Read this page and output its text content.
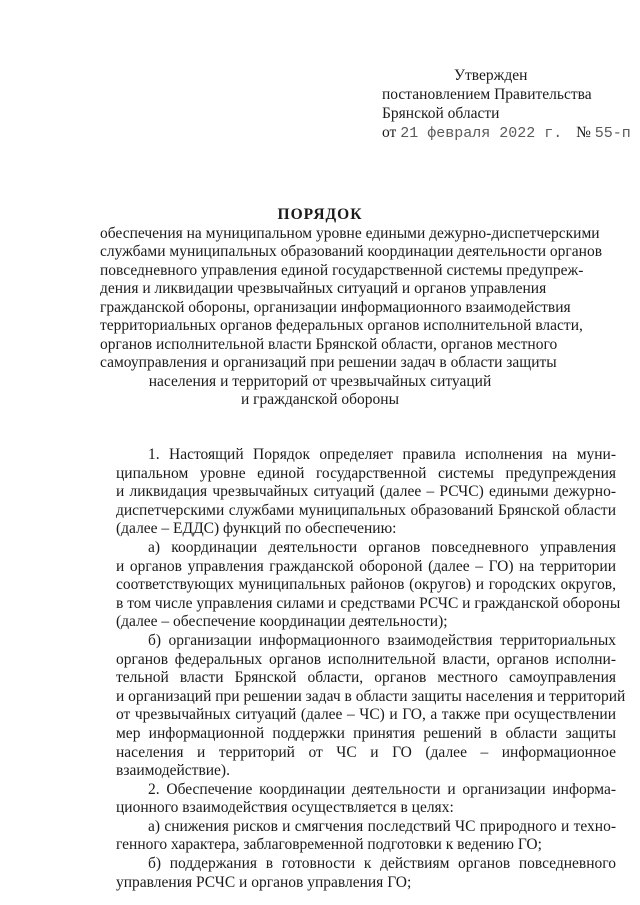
Утвержден
постановлением Правительства
Брянской области
от 21 февраля 2022 г. № 55-п
ПОРЯДОК
обеспечения на муниципальном уровне едиными дежурно-диспетчерскими
службами муниципальных образований координации деятельности органов
повседневного управления единой государственной системы предупреж-
дения и ликвидации чрезвычайных ситуаций и органов управления
гражданской обороны, организации информационного взаимодействия
территориальных органов федеральных органов исполнительной власти,
органов исполнительной власти Брянской области, органов местного
самоуправления и организаций при решении задач в области защиты
населения и территорий от чрезвычайных ситуаций
и гражданской обороны
1. Настоящий Порядок определяет правила исполнения на муни-
ципальном уровне единой государственной системы предупреждения
и ликвидация чрезвычайных ситуаций (далее – РСЧС) едиными дежурно-
диспетчерскими службами муниципальных образований Брянской области
(далее – ЕДДС) функций по обеспечению:
а) координации деятельности органов повседневного управления
и органов управления гражданской обороной (далее – ГО) на территории
соответствующих муниципальных районов (округов) и городских округов,
в том числе управления силами и средствами РСЧС и гражданской обороны
(далее – обеспечение координации деятельности);
б) организации информационного взаимодействия территориальных
органов федеральных органов исполнительной власти, органов исполни-
тельной власти Брянской области, органов местного самоуправления
и организаций при решении задач в области защиты населения и территорий
от чрезвычайных ситуаций (далее – ЧС) и ГО, а также при осуществлении
мер информационной поддержки принятия решений в области защиты
населения и территорий от ЧС и ГО (далее – информационное
взаимодействие).
2. Обеспечение координации деятельности и организации информа-
ционного взаимодействия осуществляется в целях:
а) снижения рисков и смягчения последствий ЧС природного и техно-
генного характера, заблаговременной подготовки к ведению ГО;
б) поддержания в готовности к действиям органов повседневного
управления РСЧС и органов управления ГО;
